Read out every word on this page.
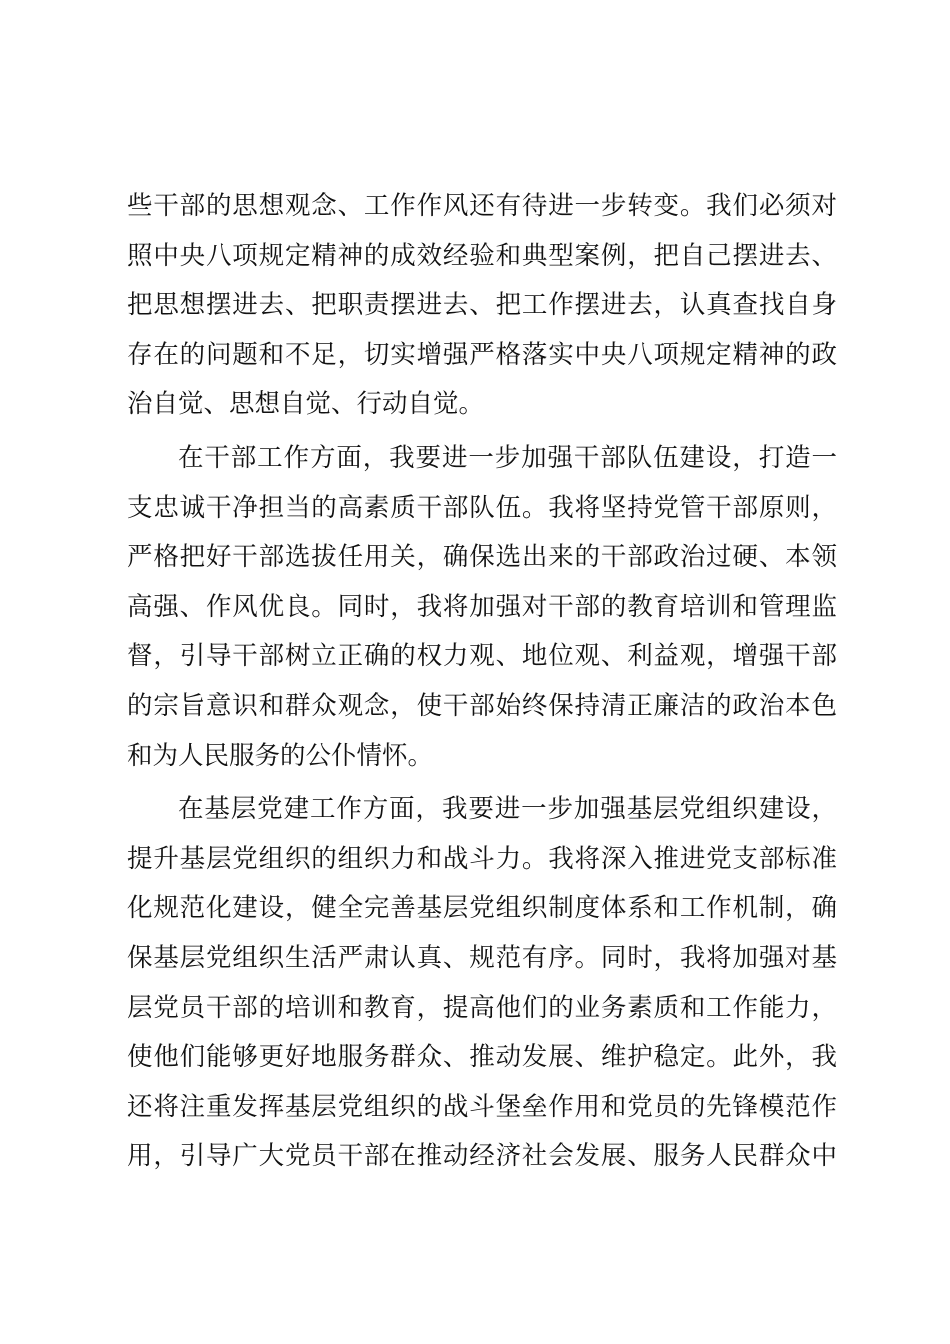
些干部的思想观念、工作作风还有待进一步转变。我们必须对
照中央八项规定精神的成效经验和典型案例，把自己摆进去、
把思想摆进去、把职责摆进去、把工作摆进去，认真查找自身
存在的问题和不足，切实增强严格落实中央八项规定精神的政
治自觉、思想自觉、行动自觉。
在干部工作方面，我要进一步加强干部队伍建设，打造一
支忠诚干净担当的高素质干部队伍。我将坚持党管干部原则，
严格把好干部选拔任用关，确保选出来的干部政治过硬、本领
高强、作风优良。同时，我将加强对干部的教育培训和管理监
督，引导干部树立正确的权力观、地位观、利益观，增强干部
的宗旨意识和群众观念，使干部始终保持清正廉洁的政治本色
和为人民服务的公仆情怀。
在基层党建工作方面，我要进一步加强基层党组织建设，
提升基层党组织的组织力和战斗力。我将深入推进党支部标准
化规范化建设，健全完善基层党组织制度体系和工作机制，确
保基层党组织生活严肃认真、规范有序。同时，我将加强对基
层党员干部的培训和教育，提高他们的业务素质和工作能力，
使他们能够更好地服务群众、推动发展、维护稳定。此外，我
还将注重发挥基层党组织的战斗堡垒作用和党员的先锋模范作
用，引导广大党员干部在推动经济社会发展、服务人民群众中
